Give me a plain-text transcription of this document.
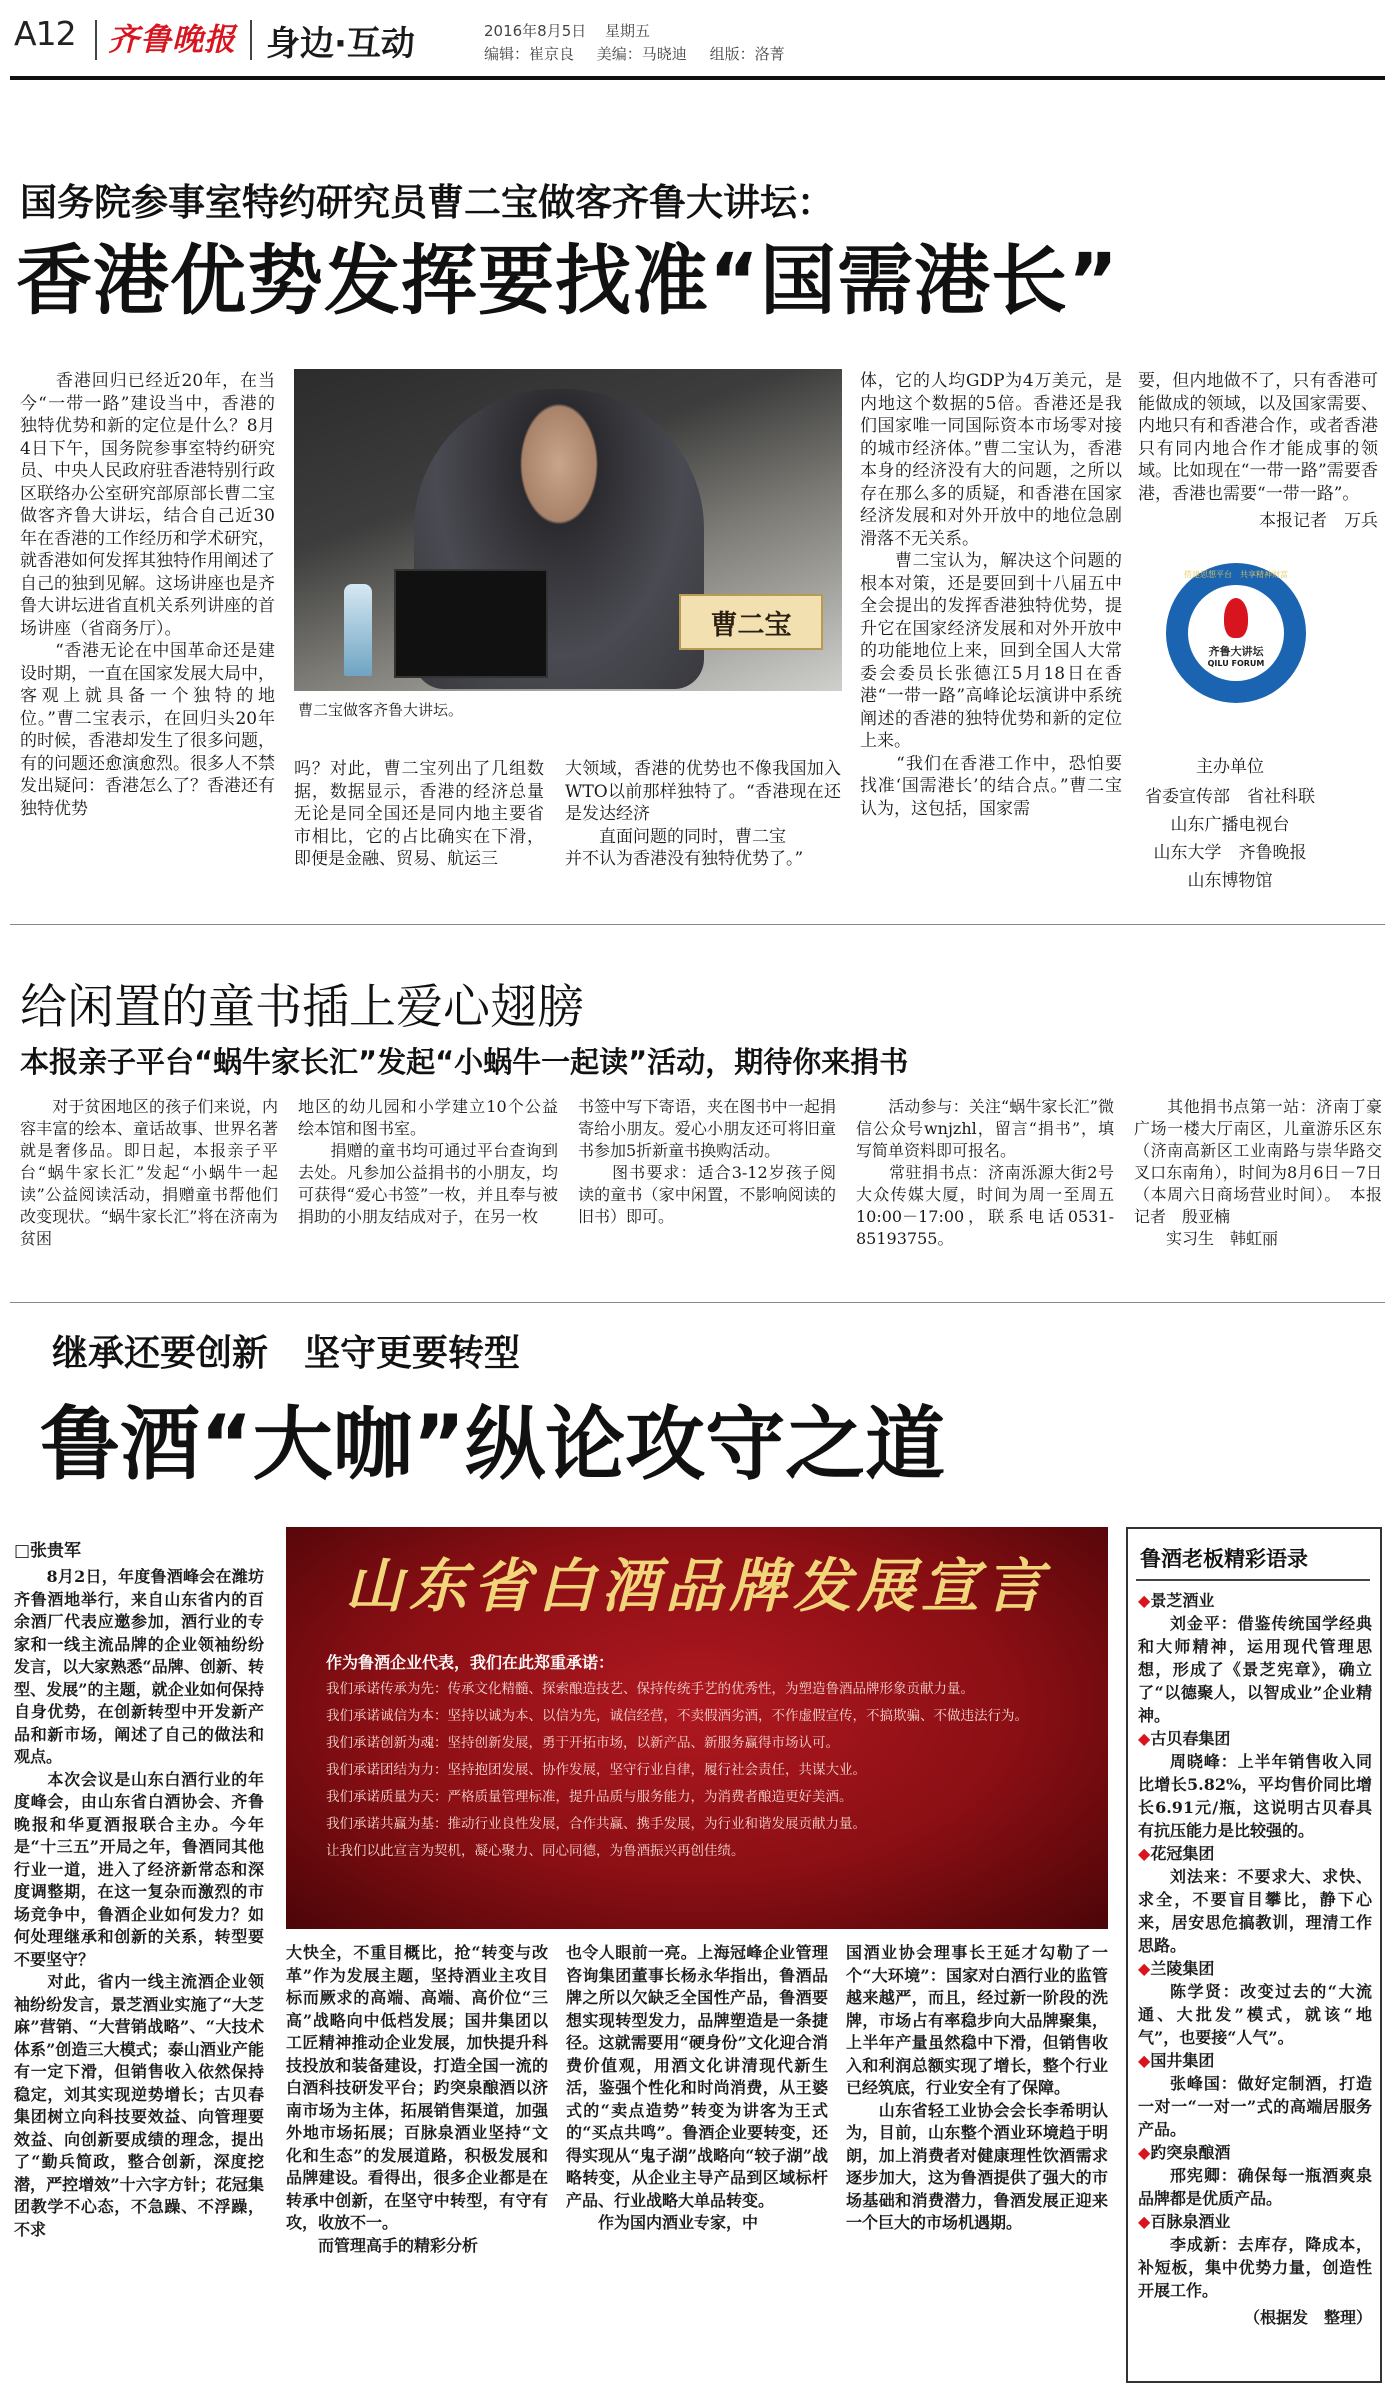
A12 齐鲁晚报 身边·互动	2016年8月5日 星期五
编辑：崔京良 美编：马晓迪 组版：洛菁
国务院参事室特约研究员曹二宝做客齐鲁大讲坛：
香港优势发挥要找准“国需港长”
　　香港回归已经近20年，在当今“一带一路”建设当中，香港的独特优势和新的定位是什么？8月4日下午，国务院参事室特约研究员、中央人民政府驻香港特别行政区联络办公室研究部原部长曹二宝做客齐鲁大讲坛，结合自己近30年在香港的工作经历和学术研究，就香港如何发挥其独特作用阐述了自己的独到见解。这场讲座也是齐鲁大讲坛进省直机关系列讲座的首场讲座（省商务厅）。
　　“香港无论在中国革命还是建设时期，一直在国家发展大局中，客观上就具备一个独特的地位。”曹二宝表示，在回归头20年的时候，香港却发生了很多问题，有的问题还愈演愈烈。很多人不禁发出疑问：香港怎么了？香港还有独特优势
曹二宝
曹二宝做客齐鲁大讲坛。
吗？对此，曹二宝列出了几组数据，数据显示，香港的经济总量无论是同全国还是同内地主要省市相比，它的占比确实在下滑，即便是金融、贸易、航运三
大领域，香港的优势也不像我国加入WTO以前那样独特了。“香港现在还是发达经济

　　直面问题的同时，曹二宝
并不认为香港没有独特优势了。”
体，它的人均GDP为4万美元，是内地这个数据的5倍。香港还是我们国家唯一同国际资本市场零对接的城市经济体。”曹二宝认为，香港本身的经济没有大的问题，之所以存在那么多的质疑，和香港在国家经济发展和对外开放中的地位急剧滑落不无关系。
　　曹二宝认为，解决这个问题的根本对策，还是要回到十八届五中全会提出的发挥香港独特优势，提升它在国家经济发展和对外开放中的功能地位上来，回到全国人大常委会委员长张德江5月18日在香港“一带一路”高峰论坛演讲中系统阐述的香港的独特优势和新的定位上来。
　　“我们在香港工作中，恐怕要找准‘国需港长’的结合点。”曹二宝认为，这包括，国家需
要，但内地做不了，只有香港可能做成的领域，以及国家需要、内地只有和香港合作，或者香港只有同内地合作才能成事的领域。比如现在“一带一路”需要香港，香港也需要“一带一路”。
本报记者　万兵
齐鲁大讲坛
QILU FORUM
搭建思想平台　共享精神财富
主办单位
省委宣传部　省社科联
山东广播电视台
山东大学　齐鲁晚报
山东博物馆
给闲置的童书插上爱心翅膀
本报亲子平台“蜗牛家长汇”发起“小蜗牛一起读”活动，期待你来捐书
　　对于贫困地区的孩子们来说，内容丰富的绘本、童话故事、世界名著就是奢侈品。即日起，本报亲子平台“蜗牛家长汇”发起“小蜗牛一起读”公益阅读活动，捐赠童书帮他们改变现状。“蜗牛家长汇”将在济南为贫困
地区的幼儿园和小学建立10个公益绘本馆和图书室。
　　捐赠的童书均可通过平台查询到去处。凡参加公益捐书的小朋友，均可获得“爱心书签”一枚，并且奉与被捐助的小朋友结成对子，在另一枚
书签中写下寄语，夹在图书中一起捐寄给小朋友。爱心小朋友还可将旧童书参加5折新童书换购活动。
　　图书要求：适合3-12岁孩子阅读的童书（家中闲置，不影响阅读的旧书）即可。
　　活动参与：关注“蜗牛家长汇”微信公众号wnjzhl，留言“捐书”，填写简单资料即可报名。
　　常驻捐书点：济南泺源大街2号大众传媒大厦，时间为周一至周五10:00－17:00，联系电话0531-85193755。
　　其他捐书点第一站：济南丁豪广场一楼大厅南区，儿童游乐区东（济南高新区工业南路与崇华路交叉口东南角），时间为8月6日－7日（本周六日商场营业时间）。　本报记者　殷亚楠
　　实习生　韩虹丽
继承还要创新　坚守更要转型
鲁酒“大咖”纵论攻守之道
□张贵军
　　8月2日，年度鲁酒峰会在潍坊齐鲁酒地举行，来自山东省内的百余酒厂代表应邀参加，酒行业的专家和一线主流品牌的企业领袖纷纷发言，以大家熟悉“品牌、创新、转型、发展”的主题，就企业如何保持自身优势，在创新转型中开发新产品和新市场，阐述了自己的做法和观点。
　　本次会议是山东白酒行业的年度峰会，由山东省白酒协会、齐鲁晚报和华夏酒报联合主办。今年是“十三五”开局之年，鲁酒同其他行业一道，进入了经济新常态和深度调整期，在这一复杂而激烈的市场竞争中，鲁酒企业如何发力？如何处理继承和创新的关系，转型要不要坚守？
　　对此，省内一线主流酒企业领袖纷纷发言，景芝酒业实施了“大芝麻”营销、“大营销战略”、“大技术体系”创造三大模式；泰山酒业产能有一定下滑，但销售收入依然保持稳定，刘其实现逆势增长；古贝春集团树立向科技要效益、向管理要效益、向创新要成绩的理念，提出了“勤兵简政，整合创新，深度挖潜，严控增效”十六字方针；花冠集团教学不心态，不急躁、不浮躁，不求
山东省白酒品牌发展宣言
作为鲁酒企业代表，我们在此郑重承诺：
我们承诺传承为先：传承文化精髓、探索酿造技艺、保持传统手艺的优秀性，为塑造鲁酒品牌形象贡献力量。
我们承诺诚信为本：坚持以诚为本、以信为先，诚信经营，不卖假酒劣酒，不作虚假宣传，不搞欺骗、不做违法行为。
我们承诺创新为魂：坚持创新发展，勇于开拓市场，以新产品、新服务赢得市场认可。
我们承诺团结为力：坚持抱团发展、协作发展，坚守行业自律，履行社会责任，共谋大业。
我们承诺质量为天：严格质量管理标准，提升品质与服务能力，为消费者酿造更好美酒。
我们承诺共赢为基：推动行业良性发展，合作共赢、携手发展，为行业和谐发展贡献力量。
让我们以此宣言为契机，凝心聚力、同心同德，为鲁酒振兴再创佳绩。
大快全，不重目概比，抢“转变与改革”作为发展主题，坚持酒业主攻目标而厥求的高端、高端、高价位“三高”战略向中低档发展；国井集团以工匠精神推动企业发展，加快提升科技投放和装备建设，打造全国一流的白酒科技研发平台；趵突泉酿酒以济南市场为主体，拓展销售渠道，加强外地市场拓展；百脉泉酒业坚持“文化和生态”的发展道路，积极发展和品牌建设。看得出，很多企业都是在转承中创新，在坚守中转型，有守有攻，收放不一。
　　而管理高手的精彩分析
也令人眼前一亮。上海冠峰企业管理咨询集团董事长杨永华指出，鲁酒品牌之所以欠缺乏全国性产品，鲁酒要想实现转型发力，品牌塑造是一条捷径。这就需要用“硬身份”文化迎合消费价值观，用酒文化讲清现代新生活，鉴强个性化和时尚消费，从王婆式的“卖点造势”转变为讲客为王式的“买点共鸣”。鲁酒企业要转变，还得实现从“鬼子湖”战略向“较子湖”战略转变，从企业主导产品到区域标杆产品、行业战略大单品转变。
　　作为国内酒业专家，中
国酒业协会理事长王延才勾勒了一个“大环境”：国家对白酒行业的监管越来越严，而且，经过新一阶段的洗牌，市场占有率稳步向大品牌聚集，上半年产量虽然稳中下滑，但销售收入和利润总额实现了增长，整个行业已经筑底，行业安全有了保障。
　　山东省轻工业协会会长李希明认为，目前，山东整个酒业环境趋于明朗，加上消费者对健康理性饮酒需求逐步加大，这为鲁酒提供了强大的市场基础和消费潜力，鲁酒发展正迎来一个巨大的市场机遇期。
鲁酒老板精彩语录
◆景芝酒业
刘金平：借鉴传统国学经典和大师精神，运用现代管理思想，形成了《景芝宪章》，确立了“以德聚人，以智成业”企业精神。
◆古贝春集团
周晓峰：上半年销售收入同比增长5.82%，平均售价同比增长6.91元/瓶，这说明古贝春具有抗压能力是比较强的。
◆花冠集团
刘法来：不要求大、求快、求全，不要盲目攀比，静下心来，居安思危搞教训，理清工作思路。
◆兰陵集团
陈学贤：改变过去的“大流通、大批发”模式，就该“地气”，也要接“人气”。
◆国井集团
张峰国：做好定制酒，打造一对一“一对一”式的高端居服务产品。
◆趵突泉酿酒
邢宪卿：确保每一瓶酒爽泉品牌都是优质产品。
◆百脉泉酒业
李成新：去库存，降成本，补短板，集中优势力量，创造性开展工作。
（根据发　整理）
